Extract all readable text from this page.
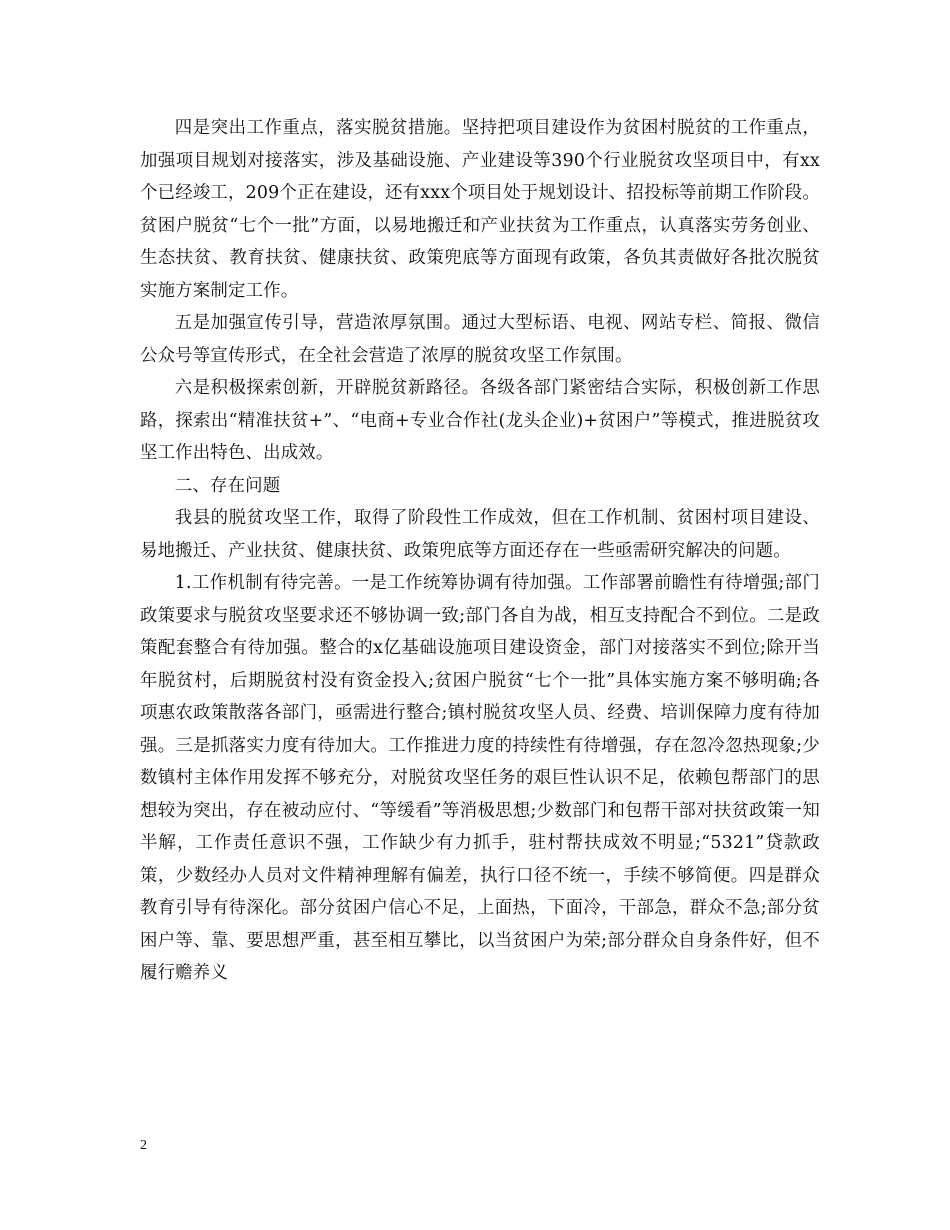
四是突出工作重点，落实脱贫措施。坚持把项目建设作为贫困村脱贫的工作重点，加强项目规划对接落实，涉及基础设施、产业建设等390个行业脱贫攻坚项目中，有xx个已经竣工，209个正在建设，还有xxx个项目处于规划设计、招投标等前期工作阶段。贫困户脱贫“七个一批”方面，以易地搬迁和产业扶贫为工作重点，认真落实劳务创业、生态扶贫、教育扶贫、健康扶贫、政策兜底等方面现有政策，各负其责做好各批次脱贫实施方案制定工作。

五是加强宣传引导，营造浓厚氛围。通过大型标语、电视、网站专栏、简报、微信公众号等宣传形式，在全社会营造了浓厚的脱贫攻坚工作氛围。

六是积极探索创新，开辟脱贫新路径。各级各部门紧密结合实际，积极创新工作思路，探索出“精准扶贫+”、“电商+专业合作社(龙头企业)+贫困户”等模式，推进脱贫攻坚工作出特色、出成效。

二、存在问题

我县的脱贫攻坚工作，取得了阶段性工作成效，但在工作机制、贫困村项目建设、易地搬迁、产业扶贫、健康扶贫、政策兜底等方面还存在一些亟需研究解决的问题。

1.工作机制有待完善。一是工作统筹协调有待加强。工作部署前瞻性有待增强;部门政策要求与脱贫攻坚要求还不够协调一致;部门各自为战，相互支持配合不到位。二是政策配套整合有待加强。整合的x亿基础设施项目建设资金，部门对接落实不到位;除开当年脱贫村，后期脱贫村没有资金投入;贫困户脱贫“七个一批”具体实施方案不够明确;各项惠农政策散落各部门，亟需进行整合;镇村脱贫攻坚人员、经费、培训保障力度有待加强。三是抓落实力度有待加大。工作推进力度的持续性有待增强，存在忽冷忽热现象;少数镇村主体作用发挥不够充分，对脱贫攻坚任务的艰巨性认识不足，依赖包帮部门的思想较为突出，存在被动应付、“等缓看”等消极思想;少数部门和包帮干部对扶贫政策一知半解，工作责任意识不强，工作缺少有力抓手，驻村帮扶成效不明显;“5321”贷款政策，少数经办人员对文件精神理解有偏差，执行口径不统一，手续不够简便。四是群众教育引导有待深化。部分贫困户信心不足，上面热，下面冷，干部急，群众不急;部分贫困户等、靠、要思想严重，甚至相互攀比，以当贫困户为荣;部分群众自身条件好，但不履行赡养义

2
